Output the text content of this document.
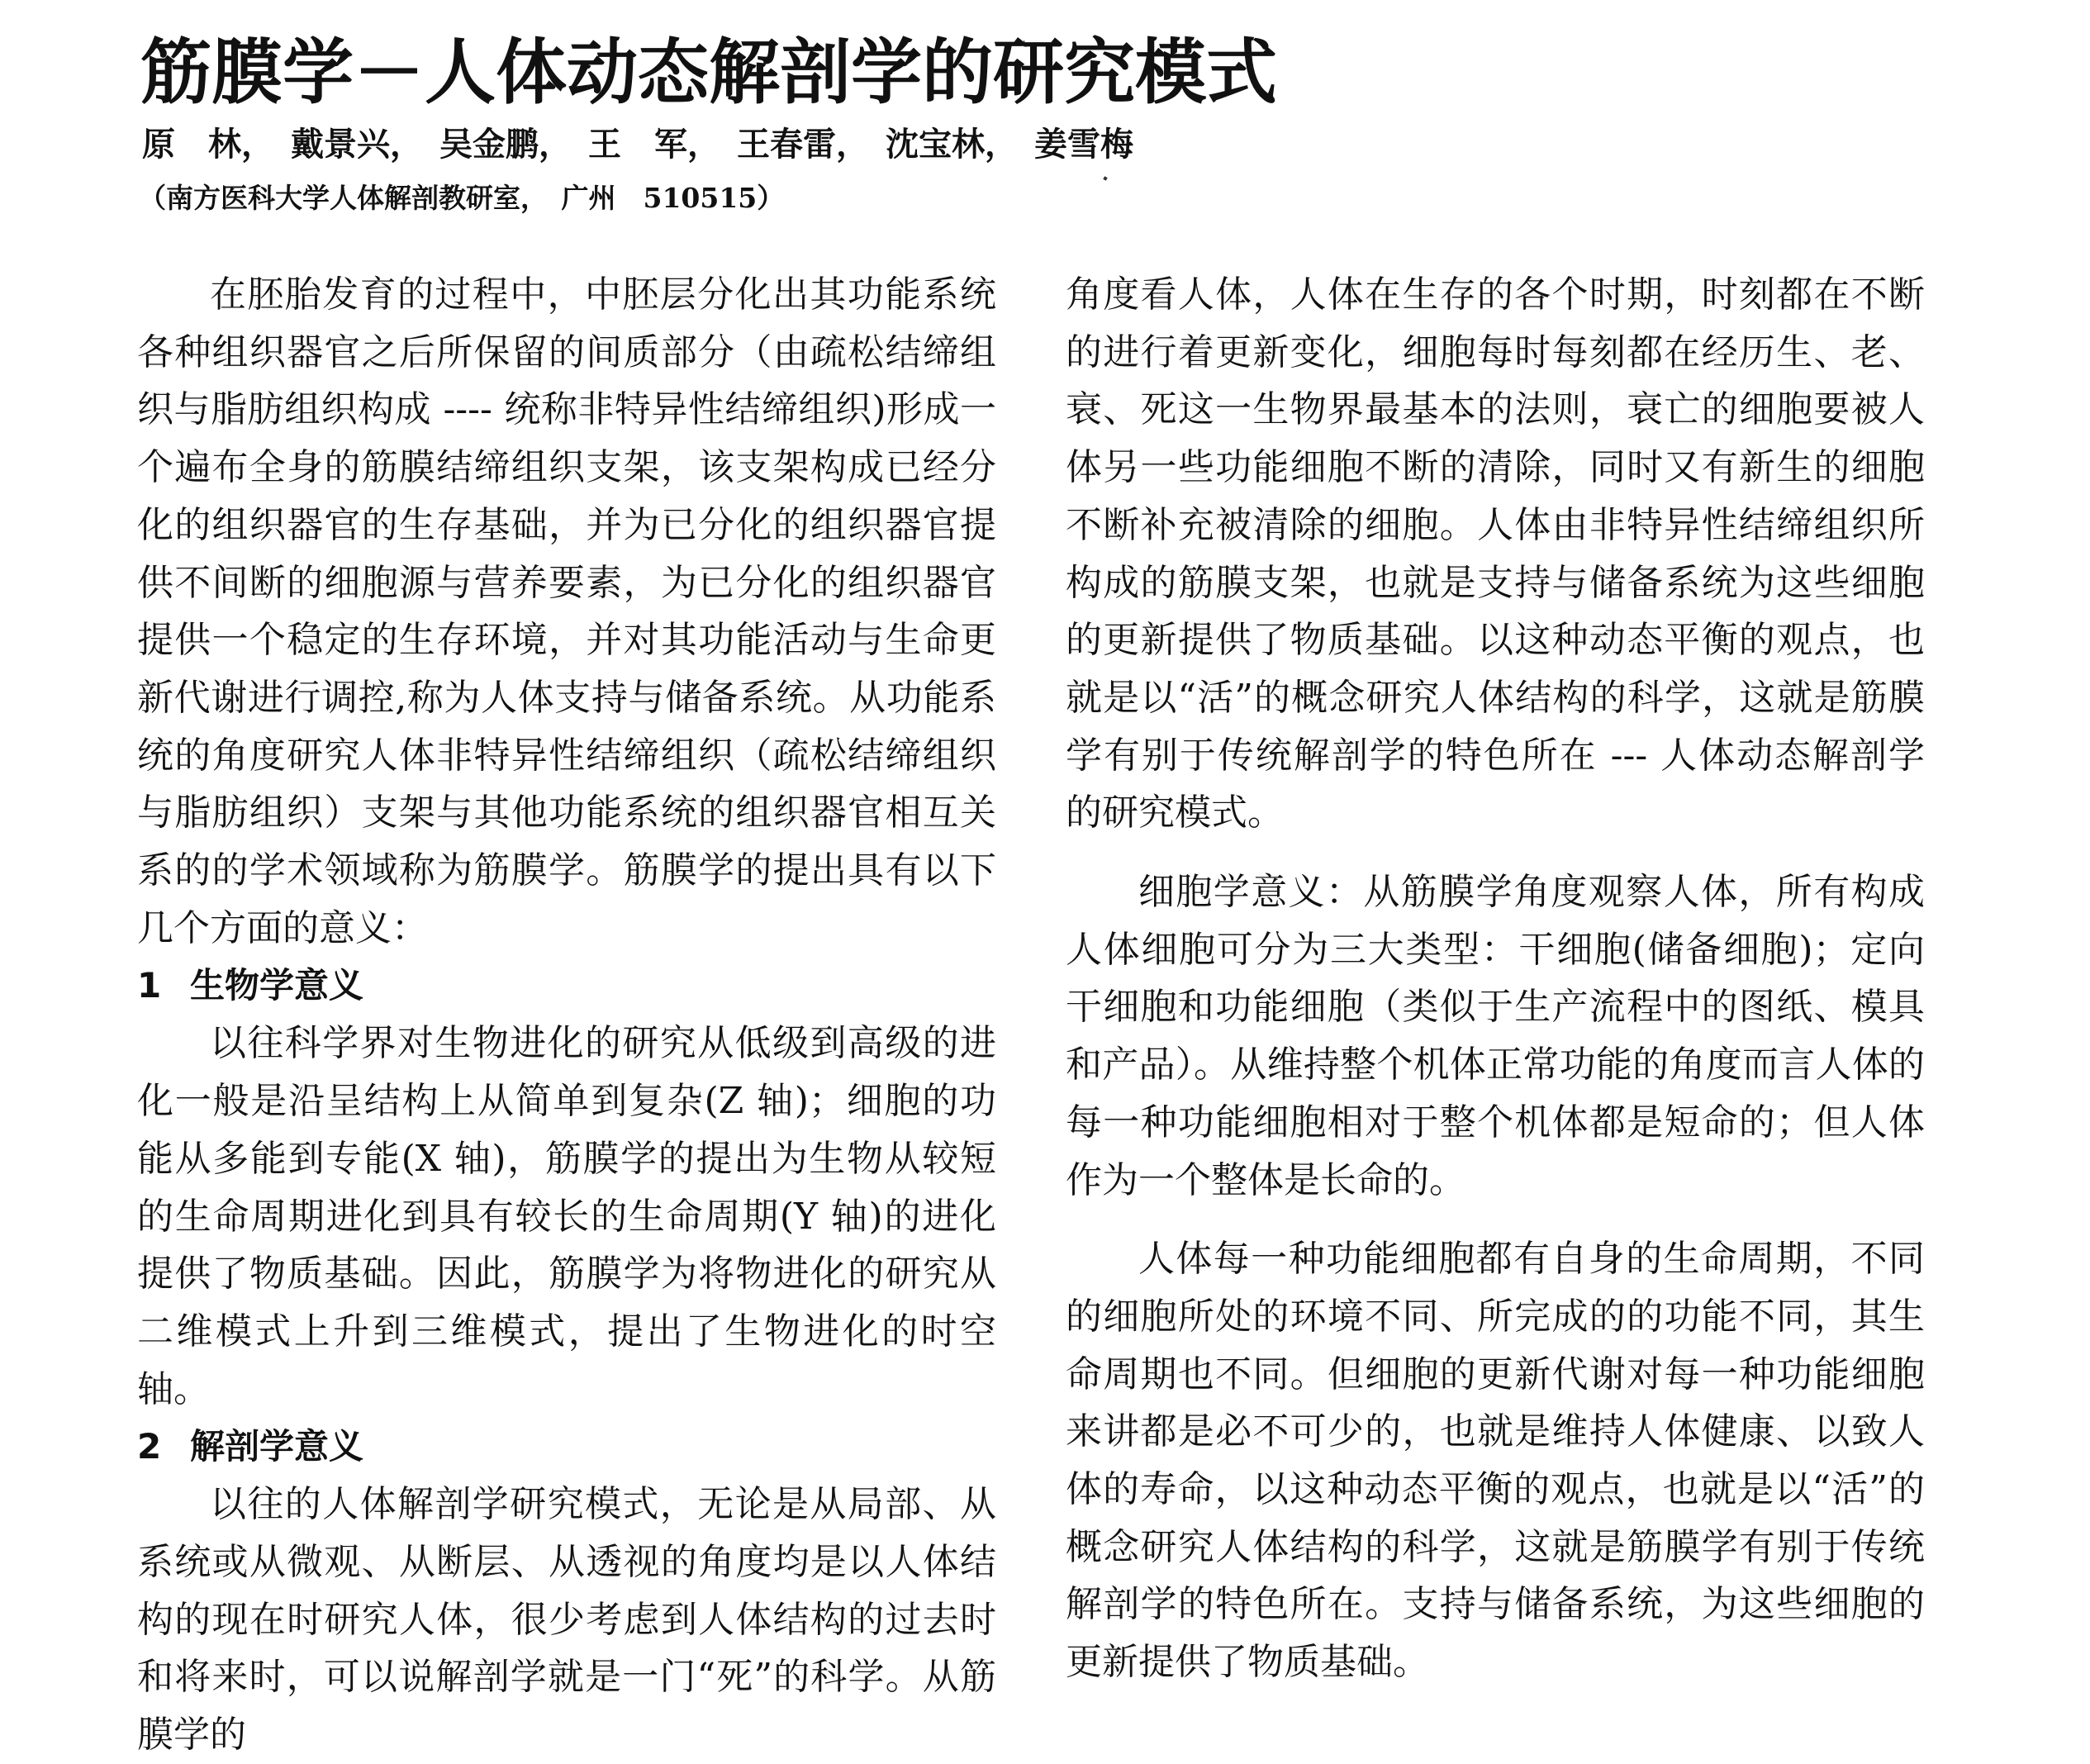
筋膜学－人体动态解剖学的研究模式
原　林，　戴景兴，　吴金鹏，　王　军，　王春雷，　沈宝林，　姜雪梅
（南方医科大学人体解剖教研室，　广州　510515）

在胚胎发育的过程中，中胚层分化出其功能系统各种组织器官之后所保留的间质部分（由疏松结缔组织与脂肪组织构成 ---- 统称非特异性结缔组织)形成一个遍布全身的筋膜结缔组织支架，该支架构成已经分化的组织器官的生存基础，并为已分化的组织器官提供不间断的细胞源与营养要素，为已分化的组织器官提供一个稳定的生存环境，并对其功能活动与生命更新代谢进行调控,称为人体支持与储备系统。从功能系统的角度研究人体非特异性结缔组织（疏松结缔组织与脂肪组织）支架与其他功能系统的组织器官相互关系的的学术领域称为筋膜学。筋膜学的提出具有以下几个方面的意义：

1 生物学意义

以往科学界对生物进化的研究从低级到高级的进化一般是沿呈结构上从简单到复杂(Z 轴)；细胞的功能从多能到专能(X 轴)，筋膜学的提出为生物从较短的生命周期进化到具有较长的生命周期(Y 轴)的进化提供了物质基础。因此，筋膜学为将物进化的研究从二维模式上升到三维模式，提出了生物进化的时空轴。

2 解剖学意义

以往的人体解剖学研究模式，无论是从局部、从系统或从微观、从断层、从透视的角度均是以人体结构的现在时研究人体，很少考虑到人体结构的过去时和将来时，可以说解剖学就是一门“死”的科学。从筋膜学的

角度看人体，人体在生存的各个时期，时刻都在不断的进行着更新变化，细胞每时每刻都在经历生、老、衰、死这一生物界最基本的法则，衰亡的细胞要被人体另一些功能细胞不断的清除，同时又有新生的细胞不断补充被清除的细胞。人体由非特异性结缔组织所构成的筋膜支架，也就是支持与储备系统为这些细胞的更新提供了物质基础。以这种动态平衡的观点，也就是以“活”的概念研究人体结构的科学，这就是筋膜学有别于传统解剖学的特色所在 --- 人体动态解剖学的研究模式。

细胞学意义：从筋膜学角度观察人体，所有构成人体细胞可分为三大类型：干细胞(储备细胞)；定向干细胞和功能细胞（类似于生产流程中的图纸、模具和产品）。从维持整个机体正常功能的角度而言人体的每一种功能细胞相对于整个机体都是短命的；但人体作为一个整体是长命的。

人体每一种功能细胞都有自身的生命周期，不同的细胞所处的环境不同、所完成的的功能不同，其生命周期也不同。但细胞的更新代谢对每一种功能细胞来讲都是必不可少的，也就是维持人体健康、以致人体的寿命，以这种动态平衡的观点，也就是以“活”的概念研究人体结构的科学，这就是筋膜学有别于传统解剖学的特色所在。支持与储备系统，为这些细胞的更新提供了物质基础。
